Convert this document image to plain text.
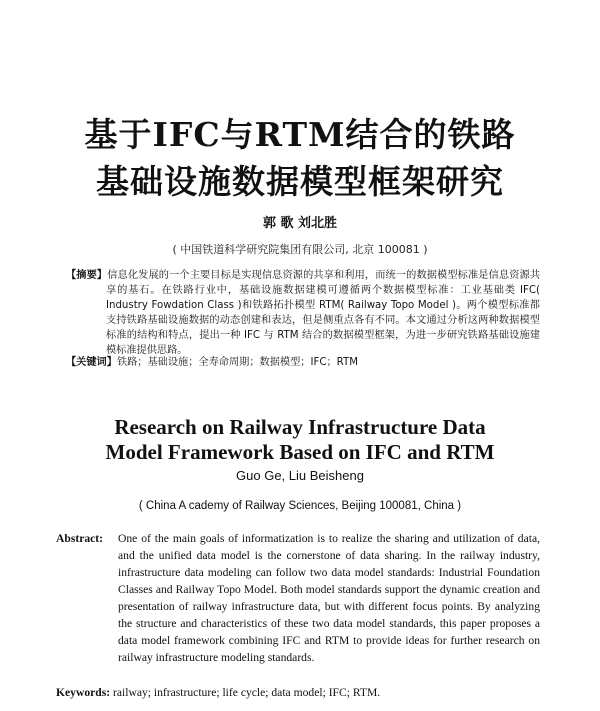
基于IFC与RTM结合的铁路
基础设施数据模型框架研究
郭 歌 刘北胜
( 中国铁道科学研究院集团有限公司, 北京 100081 )

【摘要】信息化发展的一个主要目标是实现信息资源的共享和利用，而统一的数据模型标准是信息资源共享的基石。在铁路行业中，基础设施数据建模可遵循两个数据模型标准：工业基础类 IFC( Industry Fowdation Class )和铁路拓扑模型 RTM( Railway Topo Model )。两个模型标准都支持铁路基础设施数据的动态创建和表达，但是侧重点各有不同。本文通过分析这两种数据模型标准的结构和特点，提出一种 IFC 与 RTM 结合的数据模型框架，为进一步研究铁路基础设施建模标准提供思路。

【关键词】铁路；基础设施；全寿命周期；数据模型；IFC；RTM
Research on Railway Infrastructure Data
Model Framework Based on IFC and RTM
Guo Ge, Liu Beisheng
( China A cademy of Railway Sciences, Beijing 100081, China )
Abstract:	One of the main goals of informatization is to realize the sharing and utilization of data, and the unified data model is the cornerstone of data sharing. In the railway industry, infrastructure data modeling can follow two data model standards: Industrial Foundation Classes and Railway Topo Model. Both model standards support the dynamic creation and presentation of railway infrastructure data, but with different focus points. By analyzing the structure and characteristics of these two data model standards, this paper proposes a data model framework combining IFC and RTM to provide ideas for further research on railway infrastructure modeling standards.
Keywords: railway; infrastructure; life cycle; data model; IFC; RTM.
